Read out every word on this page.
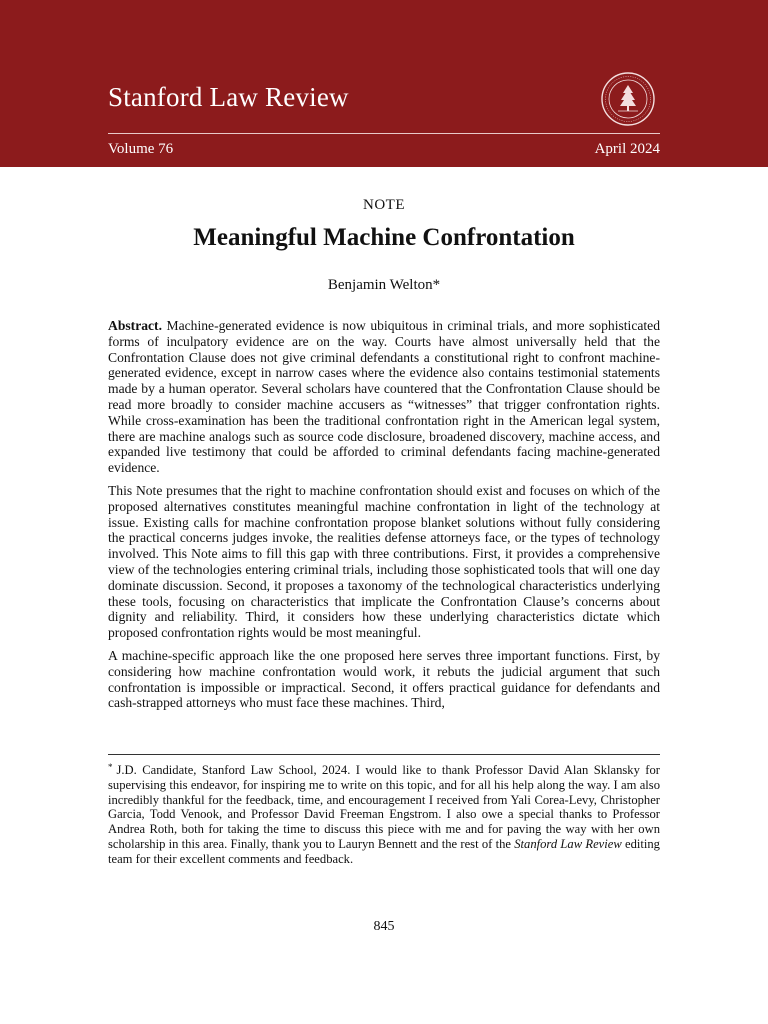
Stanford Law Review
Volume 76	April 2024
NOTE
Meaningful Machine Confrontation
Benjamin Welton*

Abstract. Machine-generated evidence is now ubiquitous in criminal trials, and more sophisticated forms of inculpatory evidence are on the way. Courts have almost universally held that the Confrontation Clause does not give criminal defendants a constitutional right to confront machine-generated evidence, except in narrow cases where the evidence also contains testimonial statements made by a human operator. Several scholars have countered that the Confrontation Clause should be read more broadly to consider machine accusers as “witnesses” that trigger confrontation rights. While cross-examination has been the traditional confrontation right in the American legal system, there are machine analogs such as source code disclosure, broadened discovery, machine access, and expanded live testimony that could be afforded to criminal defendants facing machine-generated evidence.

This Note presumes that the right to machine confrontation should exist and focuses on which of the proposed alternatives constitutes meaningful machine confrontation in light of the technology at issue. Existing calls for machine confrontation propose blanket solutions without fully considering the practical concerns judges invoke, the realities defense attorneys face, or the types of technology involved. This Note aims to fill this gap with three contributions. First, it provides a comprehensive view of the technologies entering criminal trials, including those sophisticated tools that will one day dominate discussion. Second, it proposes a taxonomy of the technological characteristics underlying these tools, focusing on characteristics that implicate the Confrontation Clause’s concerns about dignity and reliability. Third, it considers how these underlying characteristics dictate which proposed confrontation rights would be most meaningful.

A machine-specific approach like the one proposed here serves three important functions. First, by considering how machine confrontation would work, it rebuts the judicial argument that such confrontation is impossible or impractical. Second, it offers practical guidance for defendants and cash-strapped attorneys who must face these machines. Third,

* J.D. Candidate, Stanford Law School, 2024. I would like to thank Professor David Alan Sklansky for supervising this endeavor, for inspiring me to write on this topic, and for all his help along the way. I am also incredibly thankful for the feedback, time, and encouragement I received from Yali Corea-Levy, Christopher Garcia, Todd Venook, and Professor David Freeman Engstrom. I also owe a special thanks to Professor Andrea Roth, both for taking the time to discuss this piece with me and for paving the way with her own scholarship in this area. Finally, thank you to Lauryn Bennett and the rest of the Stanford Law Review editing team for their excellent comments and feedback.
845
